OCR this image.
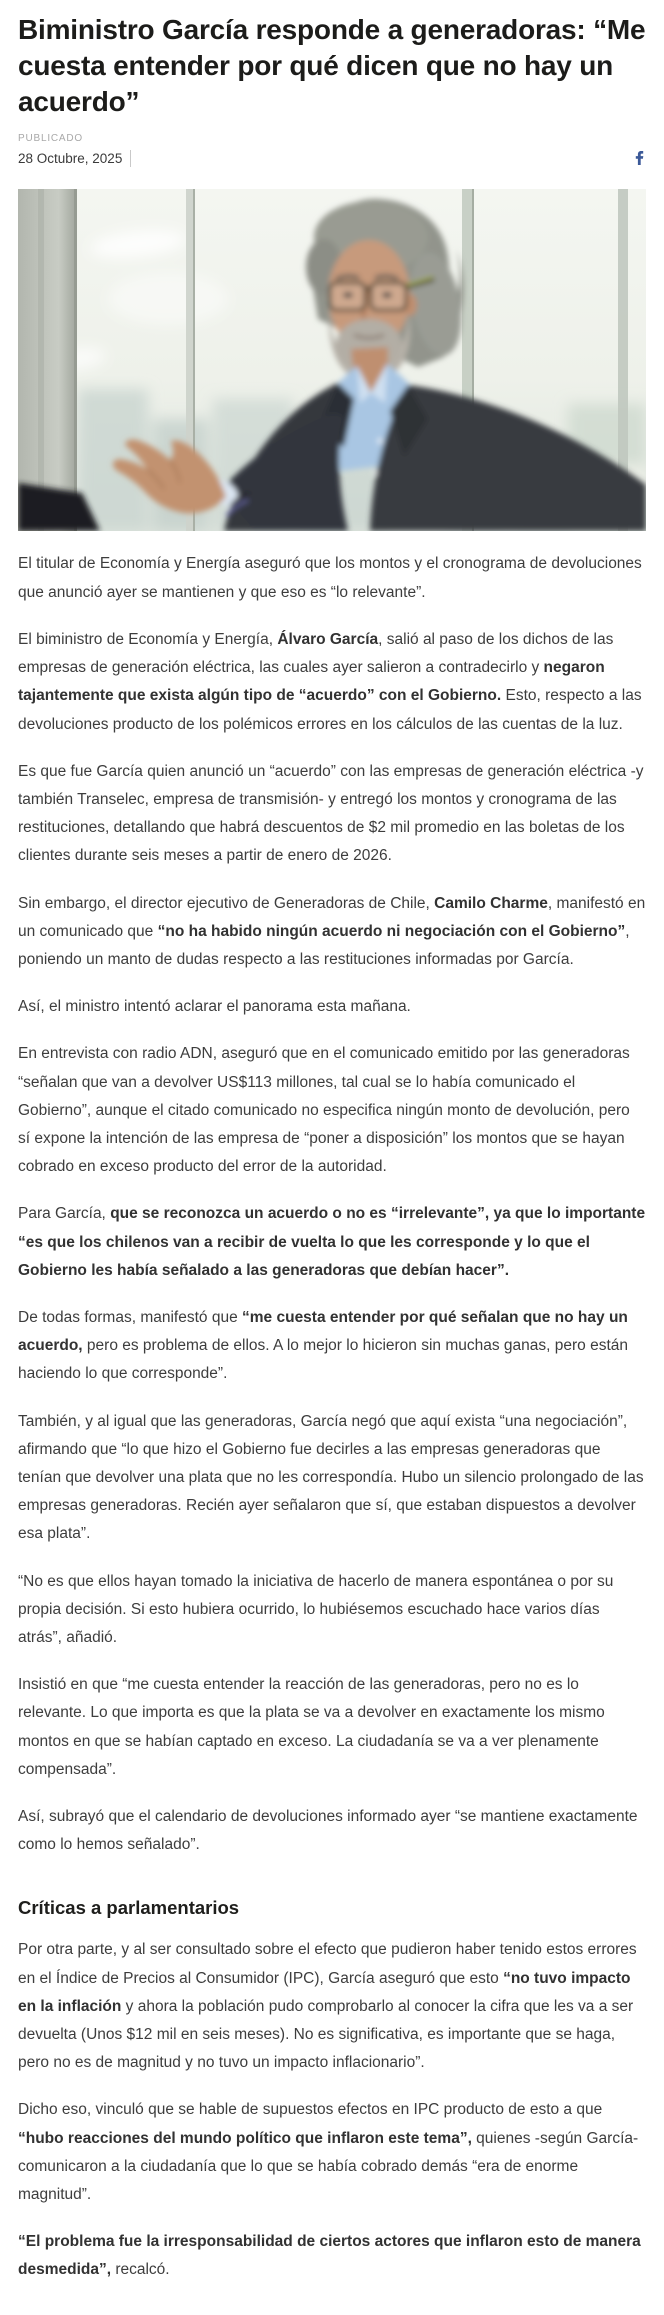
Biministro García responde a generadoras: “Me cuesta entender por qué dicen que no hay un acuerdo”
PUBLICADO
28 Octubre, 2025

El titular de Economía y Energía aseguró que los montos y el cronograma de devoluciones que anunció ayer se mantienen y que eso es “lo relevante”.

El biministro de Economía y Energía, Álvaro García, salió al paso de los dichos de las empresas de generación eléctrica, las cuales ayer salieron a contradecirlo y negaron tajantemente que exista algún tipo de “acuerdo” con el Gobierno. Esto, respecto a las devoluciones producto de los polémicos errores en los cálculos de las cuentas de la luz.

Es que fue García quien anunció un “acuerdo” con las empresas de generación eléctrica -y también Transelec, empresa de transmisión- y entregó los montos y cronograma de las restituciones, detallando que habrá descuentos de $2 mil promedio en las boletas de los clientes durante seis meses a partir de enero de 2026.

Sin embargo, el director ejecutivo de Generadoras de Chile, Camilo Charme, manifestó en un comunicado que “no ha habido ningún acuerdo ni negociación con el Gobierno”, poniendo un manto de dudas respecto a las restituciones informadas por García.

Así, el ministro intentó aclarar el panorama esta mañana.

En entrevista con radio ADN, aseguró que en el comunicado emitido por las generadoras “señalan que van a devolver US$113 millones, tal cual se lo había comunicado el Gobierno”, aunque el citado comunicado no especifica ningún monto de devolución, pero sí expone la intención de las empresa de “poner a disposición” los montos que se hayan cobrado en exceso producto del error de la autoridad.

Para García, que se reconozca un acuerdo o no es “irrelevante”, ya que lo importante “es que los chilenos van a recibir de vuelta lo que les corresponde y lo que el Gobierno les había señalado a las generadoras que debían hacer”.

De todas formas, manifestó que “me cuesta entender por qué señalan que no hay un acuerdo, pero es problema de ellos. A lo mejor lo hicieron sin muchas ganas, pero están haciendo lo que corresponde”.

También, y al igual que las generadoras, García negó que aquí exista “una negociación”, afirmando que “lo que hizo el Gobierno fue decirles a las empresas generadoras que tenían que devolver una plata que no les correspondía. Hubo un silencio prolongado de las empresas generadoras. Recién ayer señalaron que sí, que estaban dispuestos a devolver esa plata”.

“No es que ellos hayan tomado la iniciativa de hacerlo de manera espontánea o por su propia decisión. Si esto hubiera ocurrido, lo hubiésemos escuchado hace varios días atrás”, añadió.

Insistió en que “me cuesta entender la reacción de las generadoras, pero no es lo relevante. Lo que importa es que la plata se va a devolver en exactamente los mismo montos en que se habían captado en exceso. La ciudadanía se va a ver plenamente compensada”.

Así, subrayó que el calendario de devoluciones informado ayer “se mantiene exactamente como lo hemos señalado”.

Críticas a parlamentarios

Por otra parte, y al ser consultado sobre el efecto que pudieron haber tenido estos errores en el Índice de Precios al Consumidor (IPC), García aseguró que esto “no tuvo impacto en la inflación y ahora la población pudo comprobarlo al conocer la cifra que les va a ser devuelta (Unos $12 mil en seis meses). No es significativa, es importante que se haga, pero no es de magnitud y no tuvo un impacto inflacionario”.

Dicho eso, vinculó que se hable de supuestos efectos en IPC producto de esto a que “hubo reacciones del mundo político que inflaron este tema”, quienes -según García- comunicaron a la ciudadanía que lo que se había cobrado demás “era de enorme magnitud”.

“El problema fue la irresponsabilidad de ciertos actores que inflaron esto de manera desmedida”, recalcó.
